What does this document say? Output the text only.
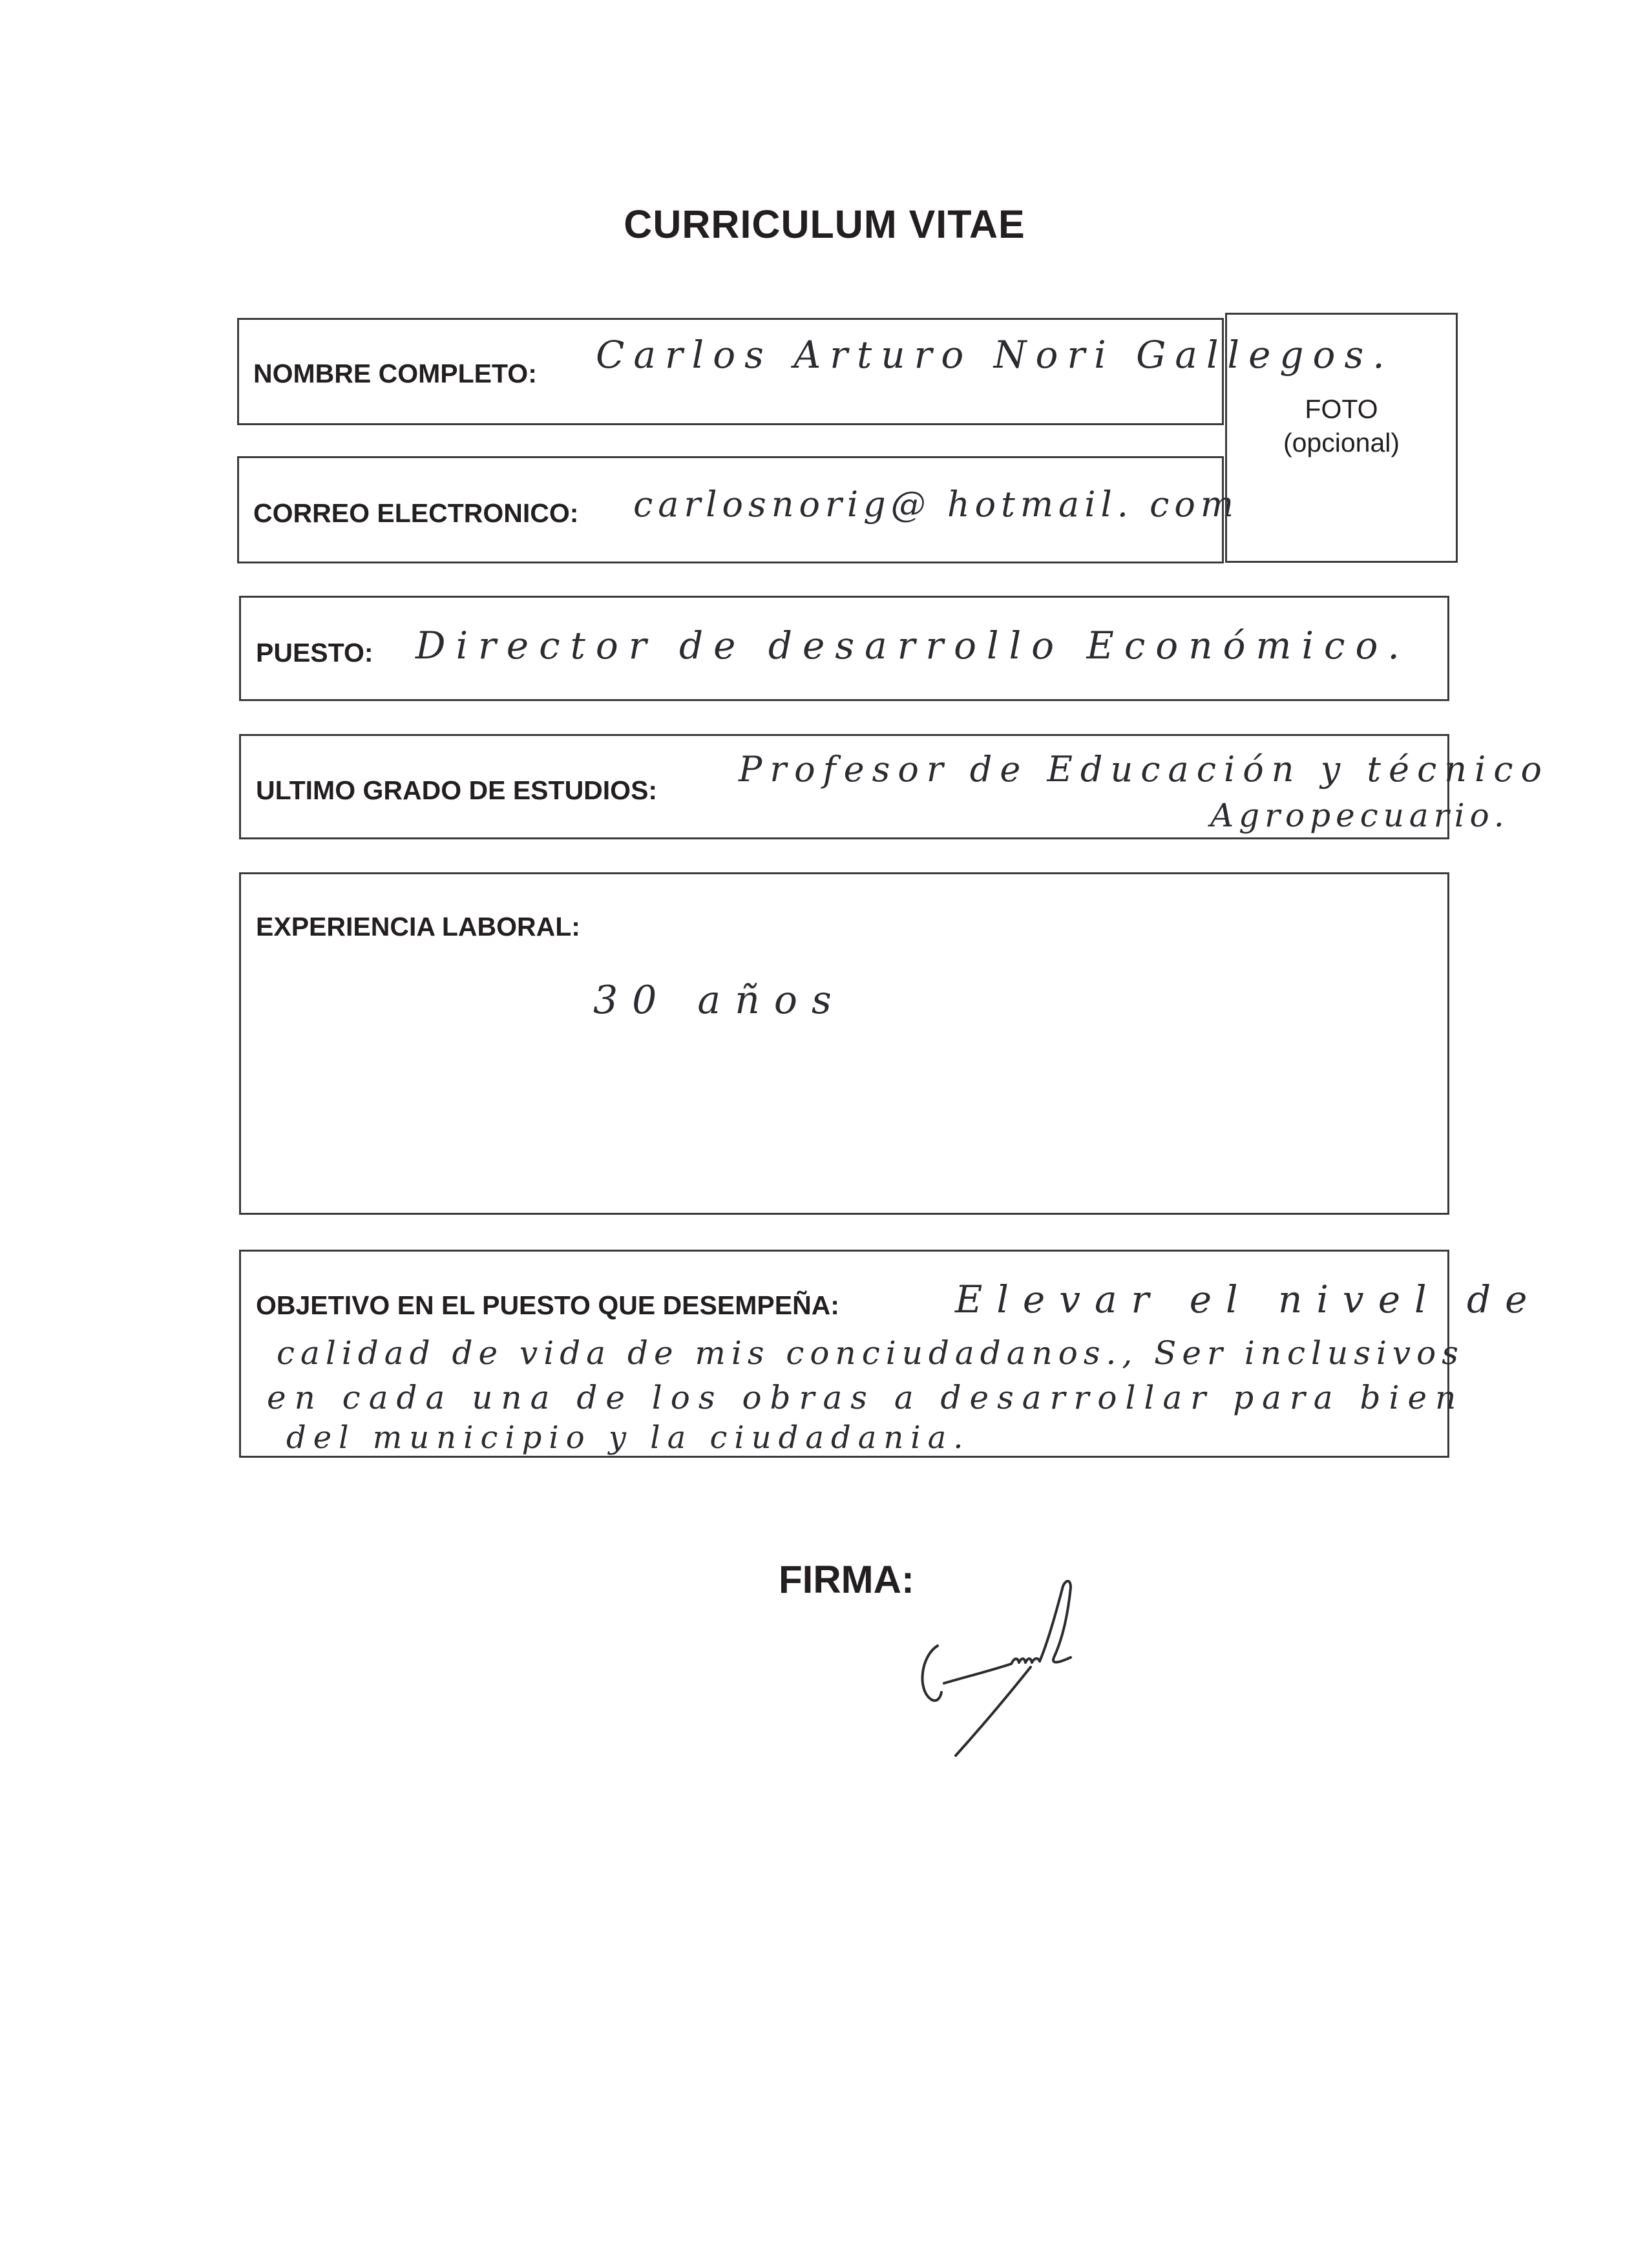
CURRICULUM VITAE
NOMBRE COMPLETO: Carlos Arturo Nori Gallegos.
CORREO ELECTRONICO: carlosnorig@ hotmail. com
FOTO
(opcional)
PUESTO: Director de desarrollo Económico.
ULTIMO GRADO DE ESTUDIOS:
Profesor de Educación y técnico
Agropecuario.
EXPERIENCIA LABORAL:
30 años
OBJETIVO EN EL PUESTO QUE DESEMPEÑA:	Elevar el nivel de
calidad de vida de mis conciudadanos., Ser inclusivos
en cada una de los obras a desarrollar para bien
del municipio y la ciudadania.
FIRMA:
